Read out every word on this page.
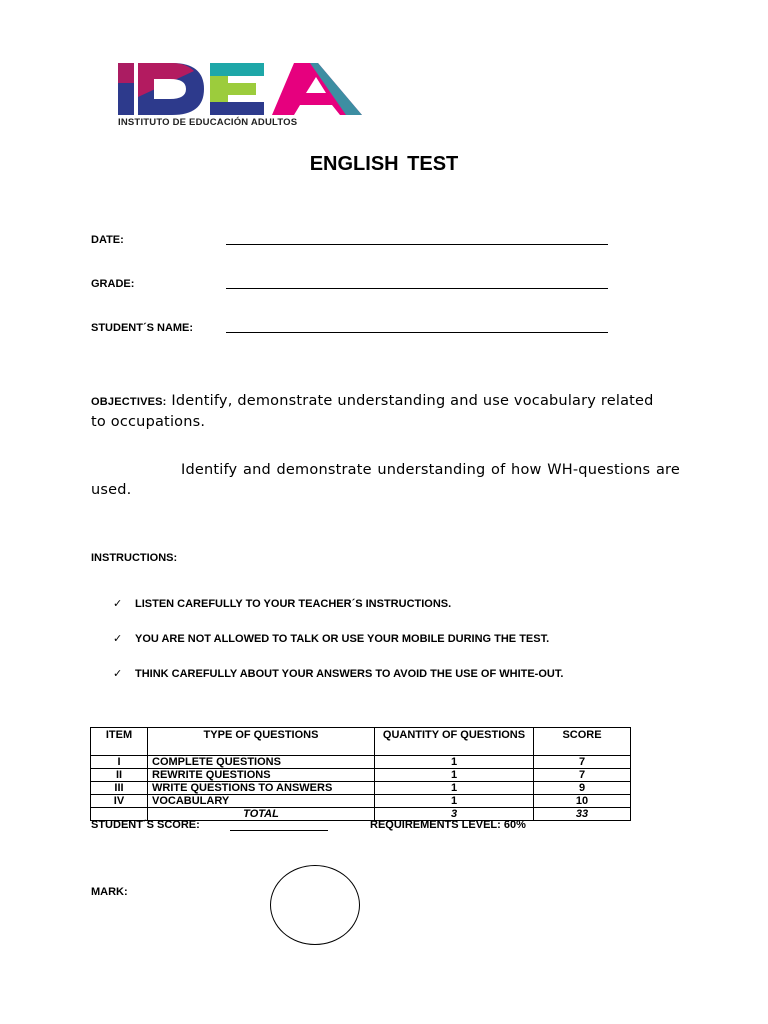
INSTITUTO DE EDUCACIÓN ADULTOS
ENGLISH TEST
DATE:
GRADE:
STUDENT´S NAME:
OBJECTIVES: Identify, demonstrate understanding and use vocabulary related to occupations.
Identify and demonstrate understanding of how WH-questions are used.
INSTRUCTIONS:
✓ LISTEN CAREFULLY TO YOUR TEACHER´S INSTRUCTIONS.
✓ YOU ARE NOT ALLOWED TO TALK OR USE YOUR MOBILE DURING THE TEST.
✓ THINK CAREFULLY ABOUT YOUR ANSWERS TO AVOID THE USE OF WHITE-OUT.
ITEM	TYPE OF QUESTIONS	QUANTITY OF QUESTIONS	SCORE
I	COMPLETE QUESTIONS	1	7
II	REWRITE QUESTIONS	1	7
III	WRITE QUESTIONS TO ANSWERS	1	9
IV	VOCABULARY	1	10
	TOTAL	3	33
STUDENT´S SCORE:	REQUIREMENTS LEVEL: 60%
MARK:
